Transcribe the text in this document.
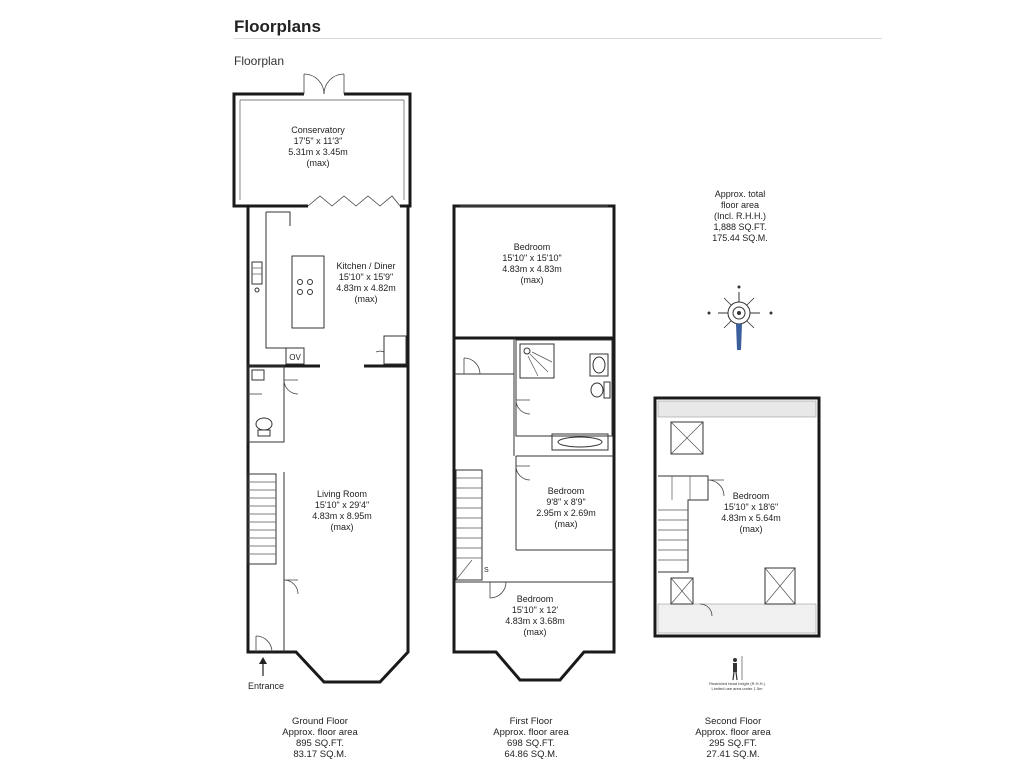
Floorplans
Floorplan
OV
Entrance
Conservatory
17'5" x 11'3"
5.31m x 3.45m
(max)
Kitchen / Diner
15'10" x 15'9"
4.83m x 4.82m
(max)
Living Room
15'10" x 29'4"
4.83m x 8.95m
(max)
S
Bedroom
15'10" x 15'10"
4.83m x 4.83m
(max)
Bedroom
9'8" x 8'9"
2.95m x 2.69m
(max)
Bedroom
15'10" x 12'
4.83m x 3.68m
(max)
Bedroom
15'10" x 18'6"
4.83m x 5.64m
(max)
Approx. total
floor area
(Incl. R.H.H.)
1,888 SQ.FT.
175.44 SQ.M.
Restricted head height (R.H.H.)
Limited use area under 1.5m
Ground Floor
Approx. floor area
895 SQ.FT.
83.17 SQ.M.
First Floor
Approx. floor area
698 SQ.FT.
64.86 SQ.M.
Second Floor
Approx. floor area
295 SQ.FT.
27.41 SQ.M.
